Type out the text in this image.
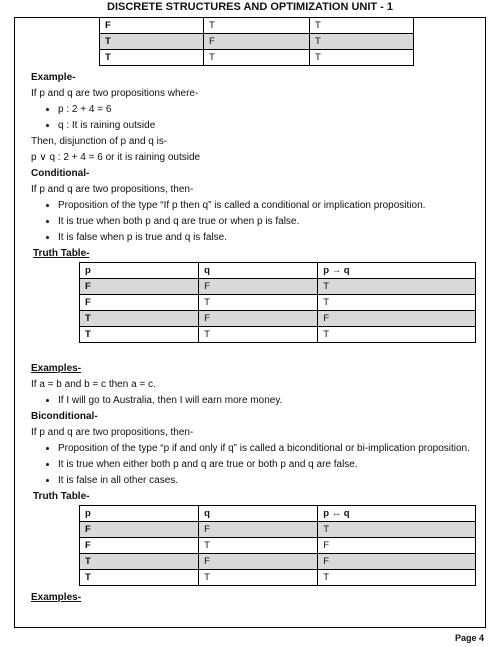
DISCRETE STRUCTURES AND OPTIMIZATION UNIT - 1
F	T	T
T	F	T
T	T	T
Example-
If p and q are two propositions where-
• p : 2 + 4 = 6
• q : It is raining outside
Then, disjunction of p and q is-
p ∨ q : 2 + 4 = 6 or it is raining outside
Conditional-
If p and q are two propositions, then-
• Proposition of the type “If p then q” is called a conditional or implication proposition.
• It is true when both p and q are true or when p is false.
• It is false when p is true and q is false.
Truth Table-
p	q	p → q
F	F	T
F	T	T
T	F	F
T	T	T
Examples-
If a = b and b = c then a = c.
• If I will go to Australia, then I will earn more money.
Biconditional-
If p and q are two propositions, then-
• Proposition of the type “p if and only if q” is called a biconditional or bi-implication proposition.
• It is true when either both p and q are true or both p and q are false.
• It is false in all other cases.
Truth Table-
p	q	p ↔ q
F	F	T
F	T	F
T	F	F
T	T	T
Examples-
Page 4
